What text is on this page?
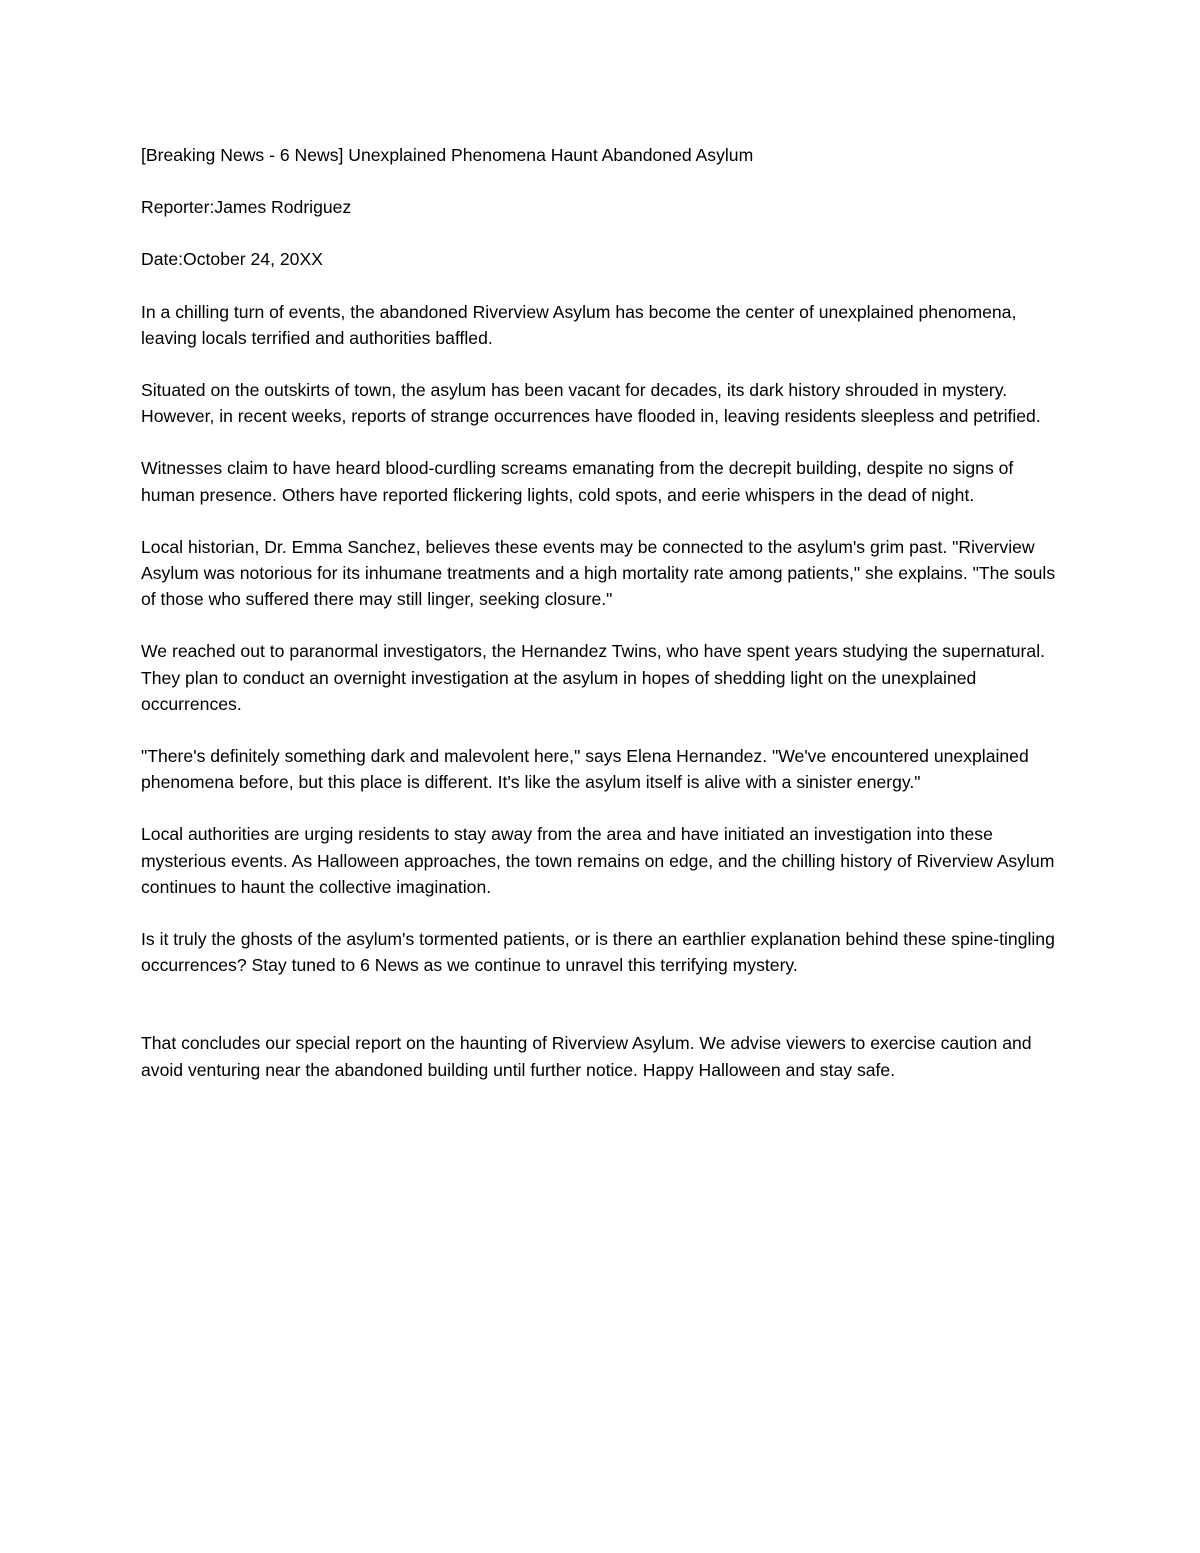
[Breaking News - 6 News] Unexplained Phenomena Haunt Abandoned Asylum

Reporter:James Rodriguez

Date:October 24, 20XX

In a chilling turn of events, the abandoned Riverview Asylum has become the center of unexplained phenomena, leaving locals terrified and authorities baffled.

Situated on the outskirts of town, the asylum has been vacant for decades, its dark history shrouded in mystery. However, in recent weeks, reports of strange occurrences have flooded in, leaving residents sleepless and petrified.

Witnesses claim to have heard blood-curdling screams emanating from the decrepit building, despite no signs of human presence. Others have reported flickering lights, cold spots, and eerie whispers in the dead of night.

Local historian, Dr. Emma Sanchez, believes these events may be connected to the asylum's grim past. "Riverview Asylum was notorious for its inhumane treatments and a high mortality rate among patients," she explains. "The souls of those who suffered there may still linger, seeking closure."

We reached out to paranormal investigators, the Hernandez Twins, who have spent years studying the supernatural. They plan to conduct an overnight investigation at the asylum in hopes of shedding light on the unexplained occurrences.

"There's definitely something dark and malevolent here," says Elena Hernandez. "We've encountered unexplained phenomena before, but this place is different. It's like the asylum itself is alive with a sinister energy."

Local authorities are urging residents to stay away from the area and have initiated an investigation into these mysterious events. As Halloween approaches, the town remains on edge, and the chilling history of Riverview Asylum continues to haunt the collective imagination.

Is it truly the ghosts of the asylum's tormented patients, or is there an earthlier explanation behind these spine-tingling occurrences? Stay tuned to 6 News as we continue to unravel this terrifying mystery.

That concludes our special report on the haunting of Riverview Asylum. We advise viewers to exercise caution and avoid venturing near the abandoned building until further notice. Happy Halloween and stay safe.
